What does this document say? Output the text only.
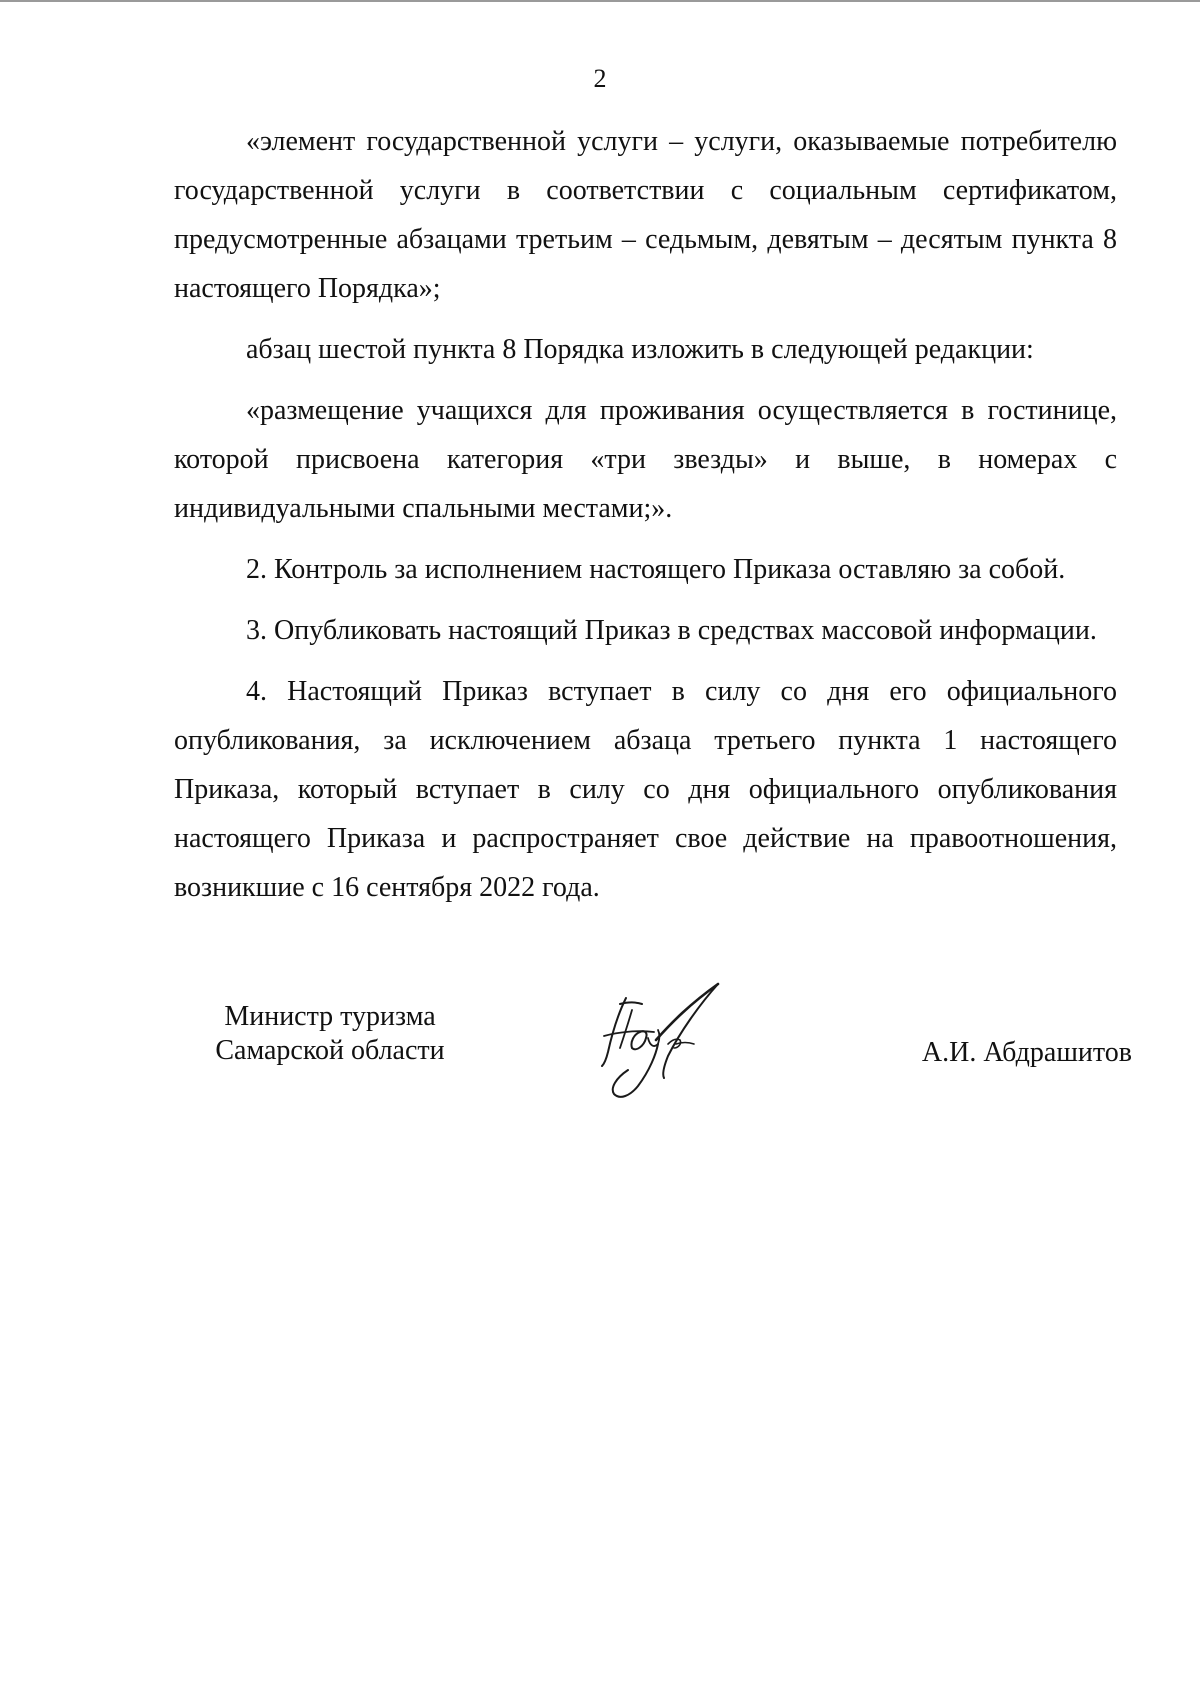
2

«элемент государственной услуги – услуги, оказываемые потребителю государственной услуги в соответствии с социальным сертификатом, предусмотренные абзацами третьим – седьмым, девятым – десятым пункта 8 настоящего Порядка»;

абзац шестой пункта 8 Порядка изложить в следующей редакции:

«размещение учащихся для проживания осуществляется в гостинице, которой присвоена категория «три звезды» и выше, в номерах с индивидуальными спальными местами;».

2. Контроль за исполнением настоящего Приказа оставляю за собой.

3. Опубликовать настоящий Приказ в средствах массовой информации.

4. Настоящий Приказ вступает в силу со дня его официального опубликования, за исключением абзаца третьего пункта 1 настоящего Приказа, который вступает в силу со дня официального опубликования настоящего Приказа и распространяет свое действие на правоотношения, возникшие с 16 сентября 2022 года.

Министр туризма
Самарской области	А.И. Абдрашитов
